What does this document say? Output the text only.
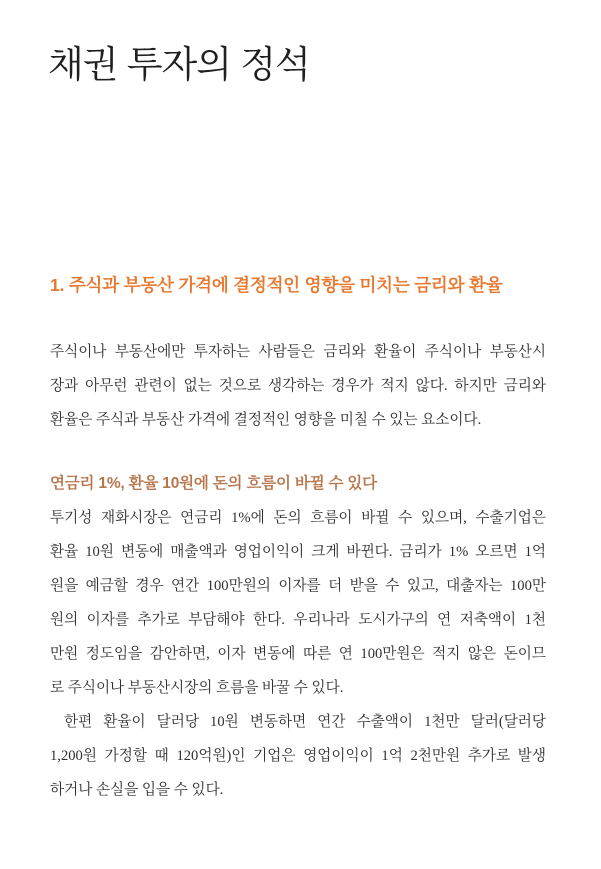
채권 투자의 정석
1. 주식과 부동산 가격에 결정적인 영향을 미치는 금리와 환율

주식이나 부동산에만 투자하는 사람들은 금리와 환율이 주식이나 부동산시
장과 아무런 관련이 없는 것으로 생각하는 경우가 적지 않다. 하지만 금리와
환율은 주식과 부동산 가격에 결정적인 영향을 미칠 수 있는 요소이다.

연금리 1%, 환율 10원에 돈의 흐름이 바뀔 수 있다

투기성 재화시장은 연금리 1%에 돈의 흐름이 바뀔 수 있으며, 수출기업은
환율 10원 변동에 매출액과 영업이익이 크게 바뀐다. 금리가 1% 오르면 1억
원을 예금할 경우 연간 100만원의 이자를 더 받을 수 있고, 대출자는 100만
원의 이자를 추가로 부담해야 한다. 우리나라 도시가구의 연 저축액이 1천
만원 정도임을 감안하면, 이자 변동에 따른 연 100만원은 적지 않은 돈이므
로 주식이나 부동산시장의 흐름을 바꿀 수 있다.

한편 환율이 달러당 10원 변동하면 연간 수출액이 1천만 달러(달러당
1,200원 가정할 때 120억원)인 기업은 영업이익이 1억 2천만원 추가로 발생
하거나 손실을 입을 수 있다.
